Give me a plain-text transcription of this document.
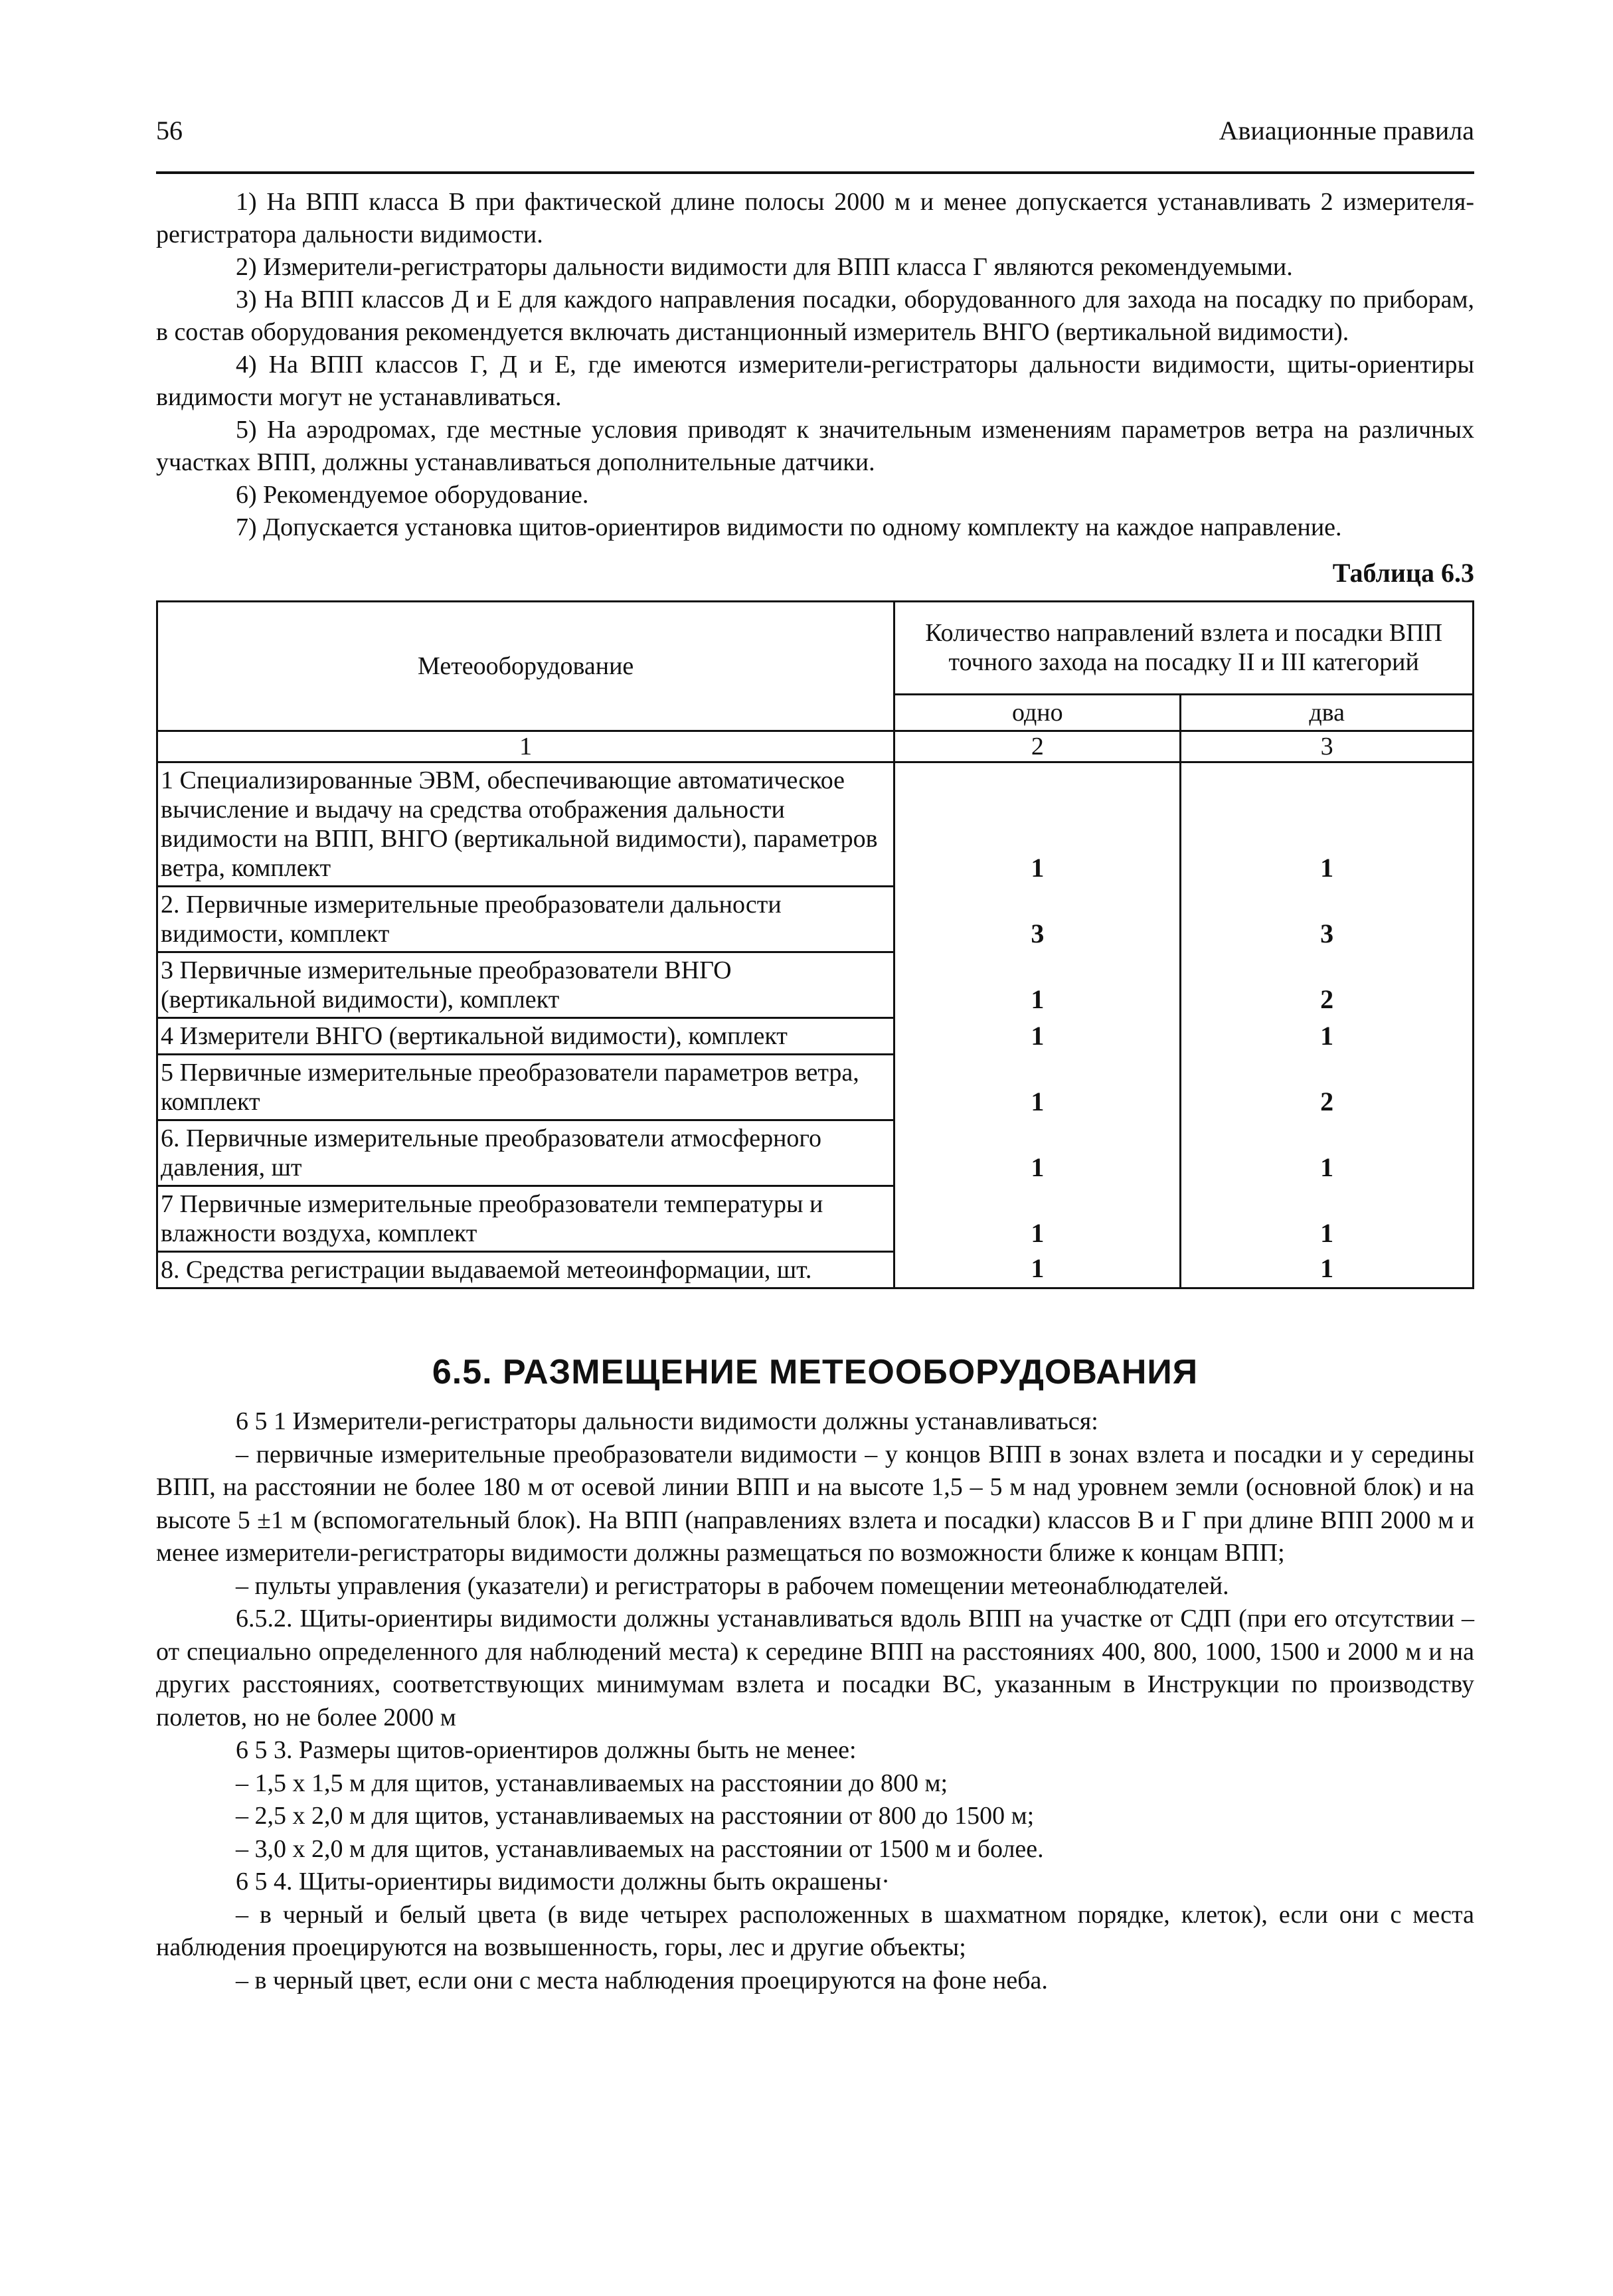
56	Авиационные правила

1) На ВПП класса В при фактической длине полосы 2000 м и менее допускается устанавливать 2 измерителя-регистратора дальности видимости.

2) Измерители-регистраторы дальности видимости для ВПП класса Г являются рекомендуемыми.

3) На ВПП классов Д и Е для каждого направления посадки, оборудованного для захода на посадку по приборам, в состав оборудования рекомендуется включать дистанционный измеритель ВНГО (вертикальной видимости).

4) На ВПП классов Г, Д и Е, где имеются измерители-регистраторы дальности видимости, щиты-ориентиры видимости могут не устанавливаться.

5) На аэродромах, где местные условия приводят к значительным изменениям параметров ветра на различных участках ВПП, должны устанавливаться дополнительные датчики.

6) Рекомендуемое оборудование.

7) Допускается установка щитов-ориентиров видимости по одному комплекту на каждое направление.

Таблица 6.3
Метеооборудование	Количество направлений взлета и посадки ВПП точного захода на посадку II и III категорий	
	одно	два
1	2	3
1 Специализированные ЭВМ, обеспечивающие автоматическое вычисление и выдачу на средства отображения дальности видимости на ВПП, ВНГО (вертикальной видимости), параметров ветра, комплект	1	1
2. Первичные измерительные преобразователи дальности видимости, комплект	3	3
3 Первичные измерительные преобразователи ВНГО (вертикальной видимости), комплект	1	2
4 Измерители ВНГО (вертикальной видимости), комплект	1	1
5 Первичные измерительные преобразователи параметров ветра, комплект	1	2
6. Первичные измерительные преобразователи атмосферного давления, шт	1	1
7 Первичные измерительные преобразователи температуры и влажности воздуха, комплект	1	1
8. Средства регистрации выдаваемой метеоинформации, шт.	1	1
6.5. РАЗМЕЩЕНИЕ МЕТЕООБОРУДОВАНИЯ

6 5 1 Измерители-регистраторы дальности видимости должны устанавливаться:

– первичные измерительные преобразователи видимости – у концов ВПП в зонах взлета и посадки и у середины ВПП, на расстоянии не более 180 м от осевой линии ВПП и на высоте 1,5 – 5 м над уровнем земли (основной блок) и на высоте 5 ±1 м (вспомогательный блок). На ВПП (направлениях взлета и посадки) классов В и Г при длине ВПП 2000 м и менее измерители-регистраторы видимости должны размещаться по возможности ближе к концам ВПП;

– пульты управления (указатели) и регистраторы в рабочем помещении метеонаблюдателей.

6.5.2. Щиты-ориентиры видимости должны устанавливаться вдоль ВПП на участке от СДП (при его отсутствии – от специально определенного для наблюдений места) к середине ВПП на расстояниях 400, 800, 1000, 1500 и 2000 м и на других расстояниях, соответствующих минимумам взлета и посадки ВС, указанным в Инструкции по производству полетов, но не более 2000 м

6 5 3. Размеры щитов-ориентиров должны быть не менее:

– 1,5 х 1,5 м для щитов, устанавливаемых на расстоянии до 800 м;

– 2,5 х 2,0 м для щитов, устанавливаемых на расстоянии от 800 до 1500 м;

– 3,0 х 2,0 м для щитов, устанавливаемых на расстоянии от 1500 м и более.

6 5 4. Щиты-ориентиры видимости должны быть окрашены·

– в черный и белый цвета (в виде четырех расположенных в шахматном порядке, клеток), если они с места наблюдения проецируются на возвышенность, горы, лес и другие объекты;

– в черный цвет, если они с места наблюдения проецируются на фоне неба.
